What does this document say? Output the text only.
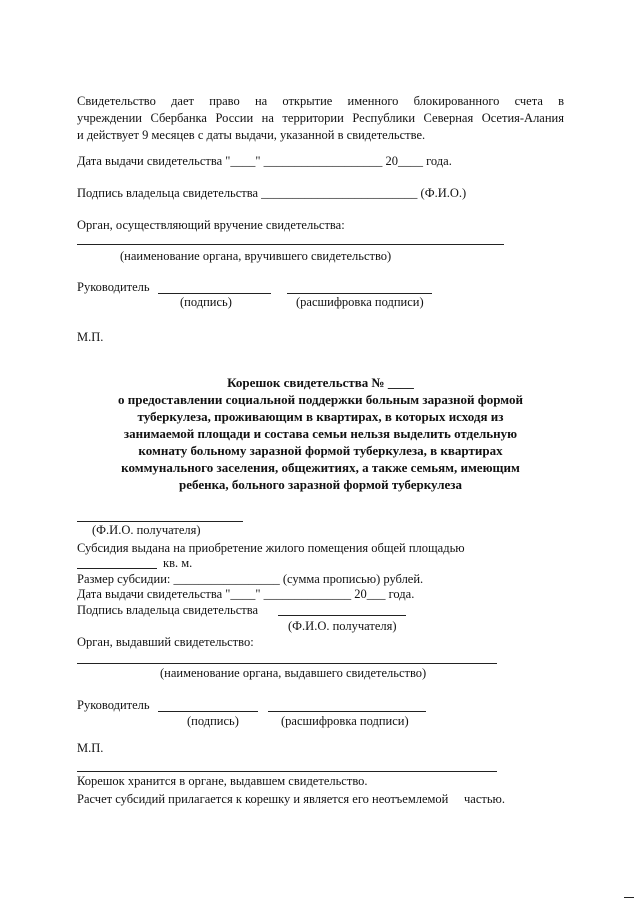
Свидетельство дает право на открытие именного блокированного счета в
учреждении Сбербанка России на территории Республики Северная Осетия-Алания
и действует 9 месяцев с даты выдачи, указанной в свидетельстве.
Дата выдачи свидетельства "____" ___________________ 20____ года.
Подпись владельца свидетельства _________________________ (Ф.И.О.)
Орган, осуществляющий вручение свидетельства:
(наименование органа, вручившего свидетельство)
Руководитель
(подпись)	(расшифровка подписи)
М.П.
Корешок свидетельства № ____
о предоставлении социальной поддержки больным заразной формой
туберкулеза, проживающим в квартирах, в которых исходя из
занимаемой площади и состава семьи нельзя выделить отдельную
комнату больному заразной формой туберкулеза, в квартирах
коммунального заселения, общежитиях, а также семьям, имеющим
ребенка, больного заразной формой туберкулеза
(Ф.И.О. получателя)
Субсидия выдана на приобретение жилого помещения общей площадью
кв. м.
Размер субсидии: _________________ (сумма прописью) рублей.
Дата выдачи свидетельства "____" ______________ 20___ года.
Подпись владельца свидетельства
(Ф.И.О. получателя)
Орган, выдавший свидетельство:
(наименование органа, выдавшего свидетельство)
Руководитель
(подпись)	(расшифровка подписи)
М.П.
Корешок хранится в органе, выдавшем свидетельство.
Расчет субсидий прилагается к корешку и является его неотъемлемой     частью.
